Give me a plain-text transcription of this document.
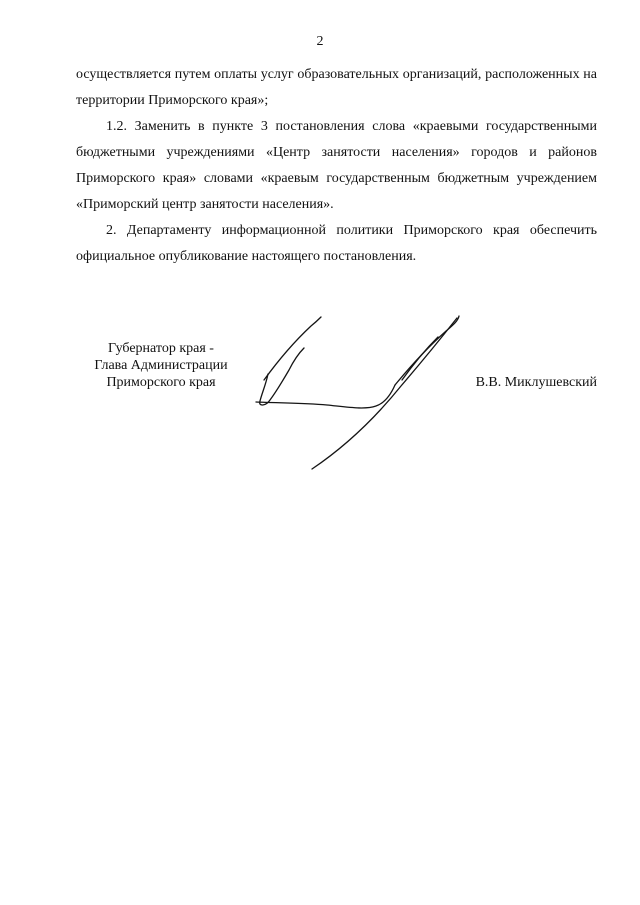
2

осуществляется путем оплаты услуг образовательных организаций, расположенных на территории Приморского края»;

1.2. Заменить в пункте 3 постановления слова «краевыми государственными бюджетными учреждениями «Центр занятости населения» городов и районов Приморского края» словами «краевым государственным бюджетным учреждением «Приморский центр занятости населения».

2. Департаменту информационной политики Приморского края обеспечить официальное опубликование настоящего постановления.

Губернатор края -
Глава Администрации
Приморского края	В.В. Миклушевский
